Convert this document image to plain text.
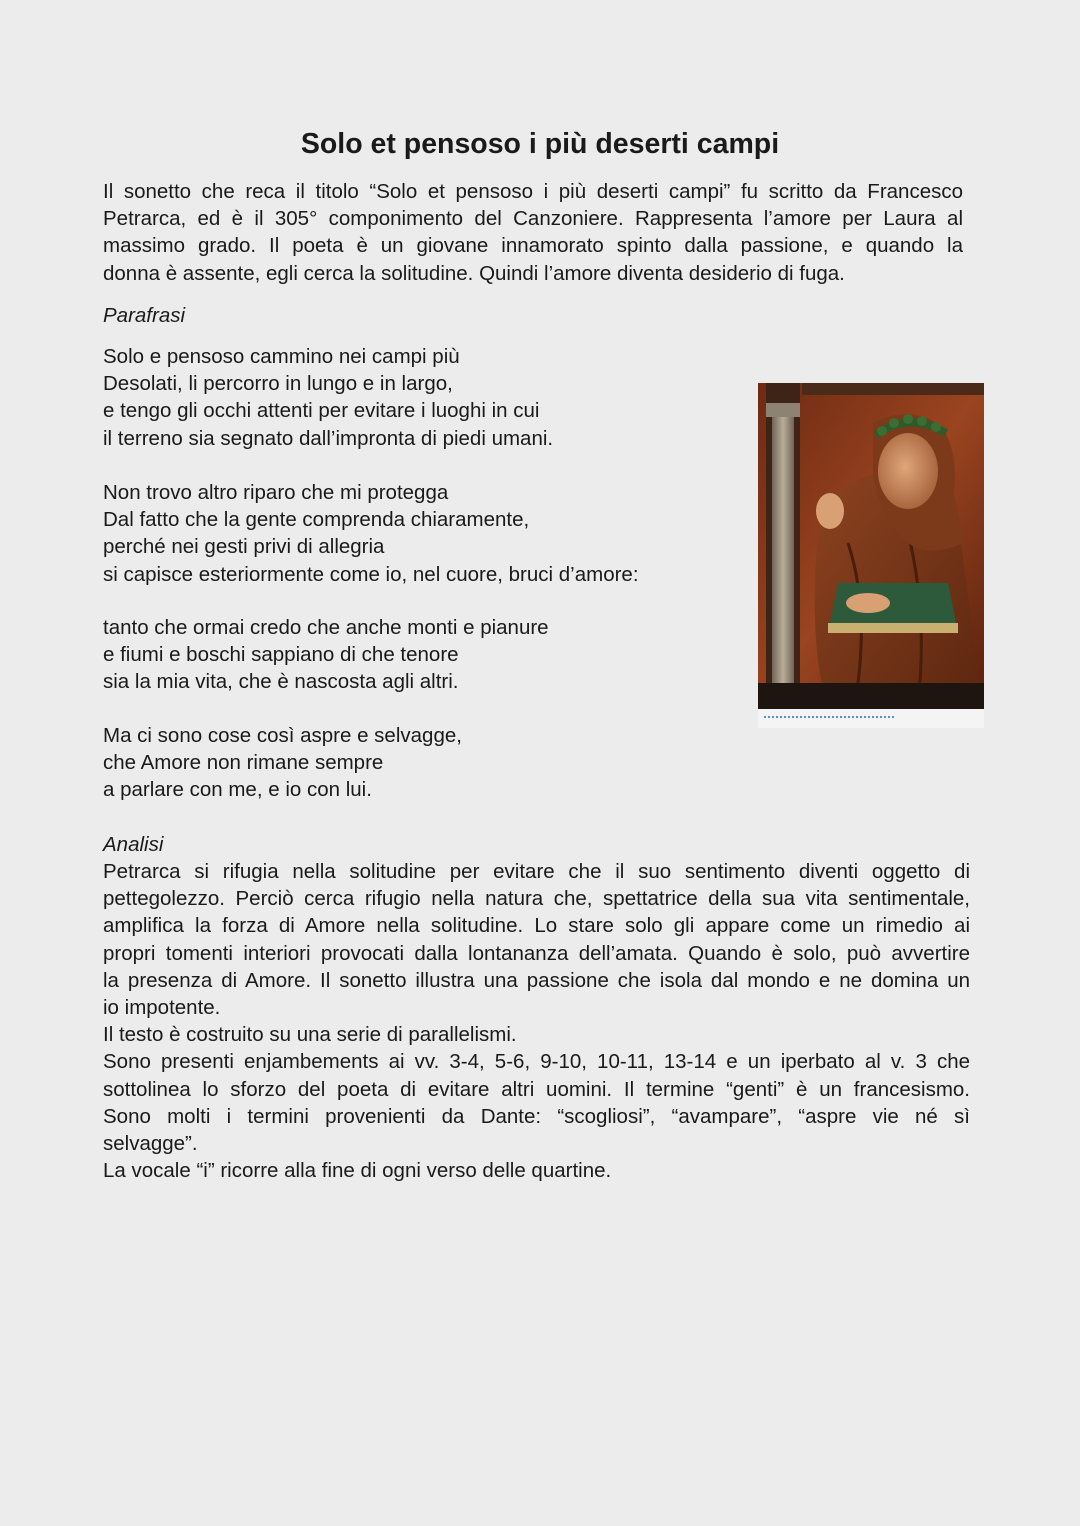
Solo et pensoso i più deserti campi
Il sonetto che reca il titolo “Solo et pensoso i più deserti campi” fu scritto da Francesco
Petrarca, ed è il 305° componimento del Canzoniere. Rappresenta l’amore per Laura al
massimo grado. Il poeta è un giovane innamorato spinto dalla passione, e quando la
donna è assente, egli cerca la solitudine. Quindi l’amore diventa desiderio di fuga.
Parafrasi
Solo e pensoso cammino nei campi più
Desolati, li percorro in lungo e in largo,
e tengo gli occhi attenti per evitare i luoghi in cui
il terreno sia segnato dall’impronta di piedi umani.
Non trovo altro riparo che mi protegga
Dal fatto che la gente comprenda chiaramente,
perché nei gesti privi di allegria
si capisce esteriormente come io, nel cuore, bruci d’amore:
tanto che ormai credo che anche monti e pianure
e fiumi e boschi sappiano di che tenore
sia la mia vita, che è nascosta agli altri.
Ma ci sono cose così aspre e selvagge,
che Amore non rimane sempre
a parlare con me, e io con lui.
Analisi
Petrarca si rifugia nella solitudine per evitare che il suo sentimento diventi oggetto di
pettegolezzo. Perciò cerca rifugio nella natura che, spettatrice della sua vita sentimentale,
amplifica la forza di Amore nella solitudine. Lo stare solo gli appare come un rimedio ai
propri tomenti interiori provocati dalla lontananza dell’amata. Quando è solo, può avvertire
la presenza di Amore. Il sonetto illustra una passione che isola dal mondo e ne domina un
io impotente.
Il testo è costruito su una serie di parallelismi.
Sono presenti enjambements ai vv. 3-4, 5-6, 9-10, 10-11, 13-14 e un iperbato al v. 3 che
sottolinea lo sforzo del poeta di evitare altri uomini. Il termine “genti” è un francesismo.
Sono molti i termini provenienti da Dante: “scogliosi”, “avampare”, “aspre vie né sì
selvagge”.
La vocale “i” ricorre alla fine di ogni verso delle quartine.
